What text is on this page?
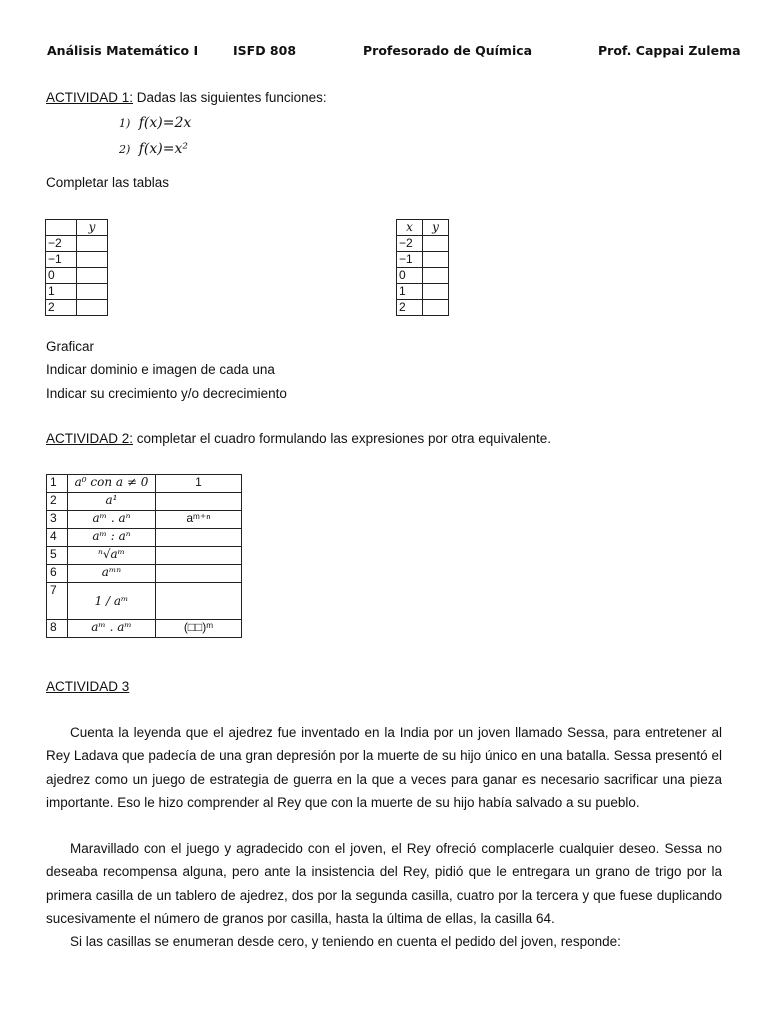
Análisis Matemático I	ISFD 808	Profesorado de Química	Prof. Cappai Zulema
ACTIVIDAD 1: Dadas las siguientes funciones:
1) f(x)=2x
2) f(x)=x²
Completar las tablas
	y
−2	
−1	
0	
1	
2	
x	y
−2	
−1	
0	
1	
2	
Graficar
Indicar dominio e imagen de cada una
Indicar su crecimiento y/o decrecimiento
ACTIVIDAD 2: completar el cuadro formulando las expresiones por otra equivalente.
1	a⁰ con a ≠ 0	1
2	a¹	
3	aᵐ . aⁿ	aᵐ⁺ⁿ
4	aᵐ : aⁿ	
5	ⁿ√aᵐ	
6	aᵐⁿ	
7	1 / aᵐ	
8	aᵐ . aᵐ	(□□)ᵐ
ACTIVIDAD 3
Cuenta la leyenda que el ajedrez fue inventado en la India por un joven llamado Sessa, para entretener al Rey Ladava que padecía de una gran depresión por la muerte de su hijo único en una batalla. Sessa presentó el ajedrez como un juego de estrategia de guerra en la que a veces para ganar es necesario sacrificar una pieza importante. Eso le hizo comprender al Rey que con la muerte de su hijo había salvado a su pueblo.
Maravillado con el juego y agradecido con el joven, el Rey ofreció complacerle cualquier deseo. Sessa no deseaba recompensa alguna, pero ante la insistencia del Rey, pidió que le entregara un grano de trigo por la primera casilla de un tablero de ajedrez, dos por la segunda casilla, cuatro por la tercera y que fuese duplicando sucesivamente el número de granos por casilla, hasta la última de ellas, la casilla 64.
Si las casillas se enumeran desde cero, y teniendo en cuenta el pedido del joven, responde:
